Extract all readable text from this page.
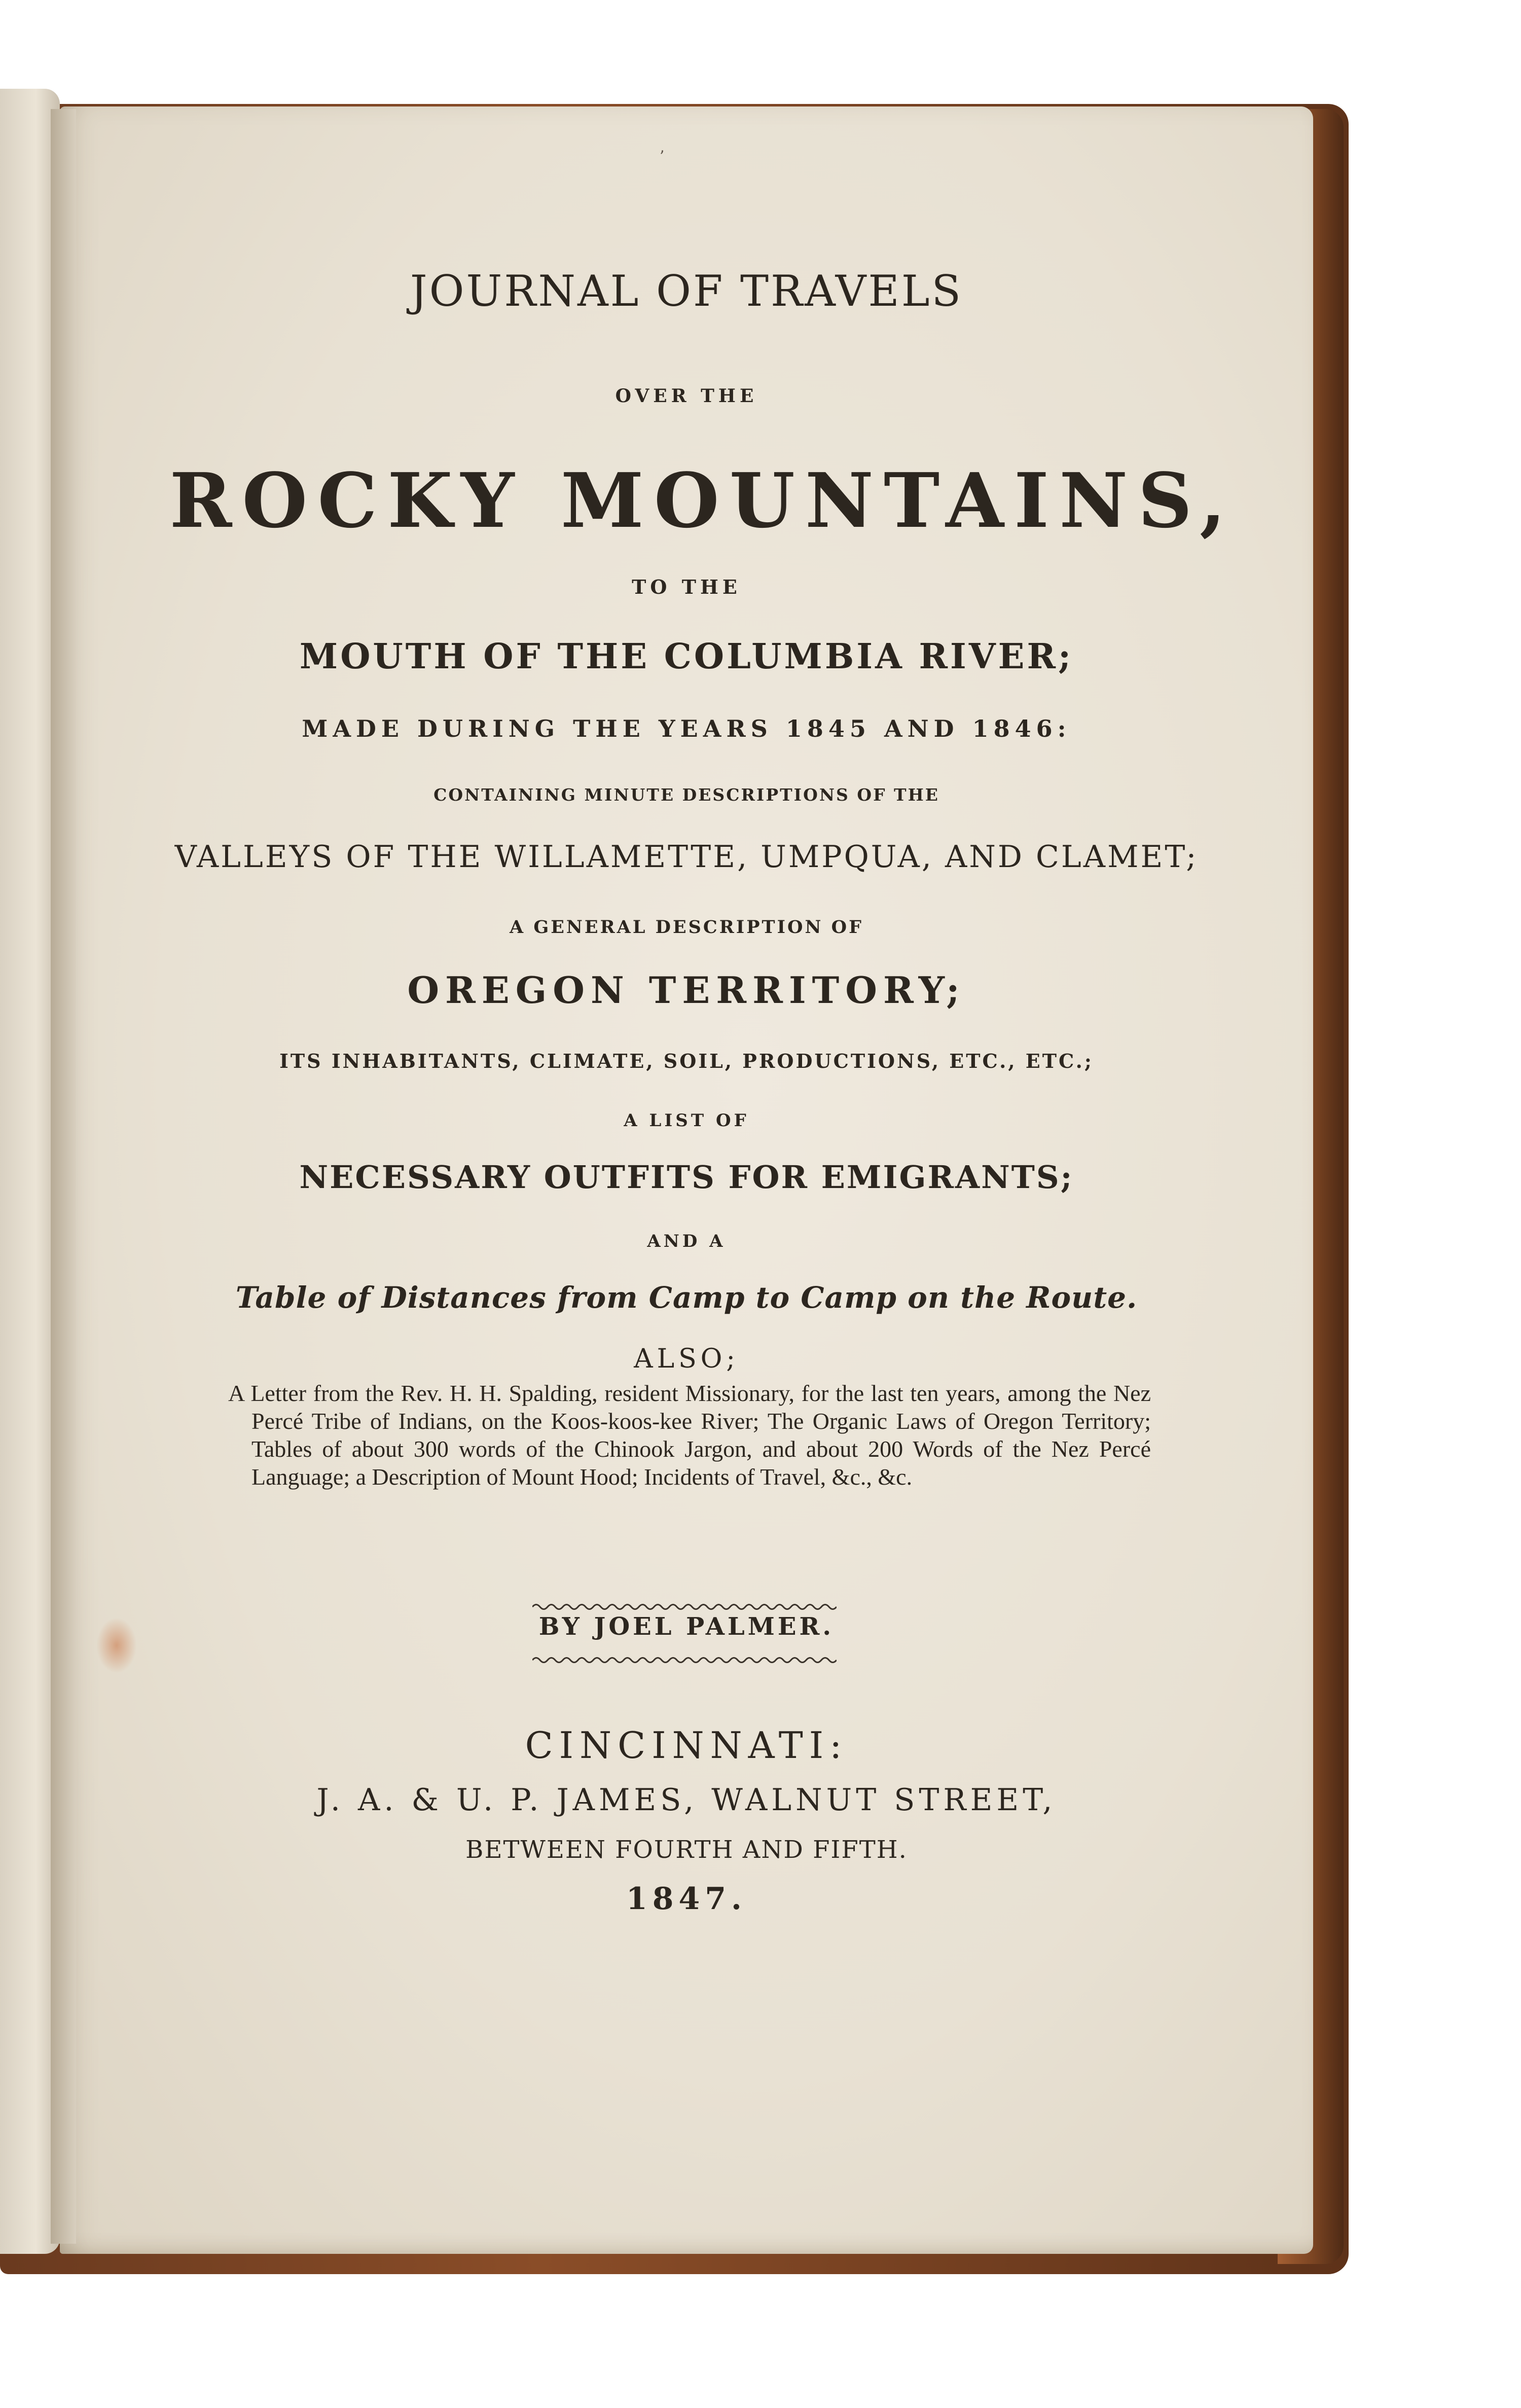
ʼ

JOURNAL OF TRAVELS

OVER THE

ROCKY MOUNTAINS,

TO THE

MOUTH OF THE COLUMBIA RIVER;

MADE DURING THE YEARS 1845 AND 1846:

CONTAINING MINUTE DESCRIPTIONS OF THE

VALLEYS OF THE WILLAMETTE, UMPQUA, AND CLAMET;

A GENERAL DESCRIPTION OF

OREGON TERRITORY;

ITS INHABITANTS, CLIMATE, SOIL, PRODUCTIONS, ETC., ETC.;

A LIST OF

NECESSARY OUTFITS FOR EMIGRANTS;

AND A

Table of Distances from Camp to Camp on the Route.

ALSO;

A Letter from the Rev. H. H. Spalding, resident Missionary, for the last ten years, among the Nez Percé Tribe of Indians, on the Koos-koos-kee River; The Organic Laws of Oregon Territory; Tables of about 300 words of the Chinook Jargon, and about 200 Words of the Nez Percé Language; a Description of Mount Hood; Incidents of Travel, &c., &c.

BY JOEL PALMER.

CINCINNATI:

J. A. & U. P. JAMES, WALNUT STREET,

BETWEEN FOURTH AND FIFTH.

1847.
